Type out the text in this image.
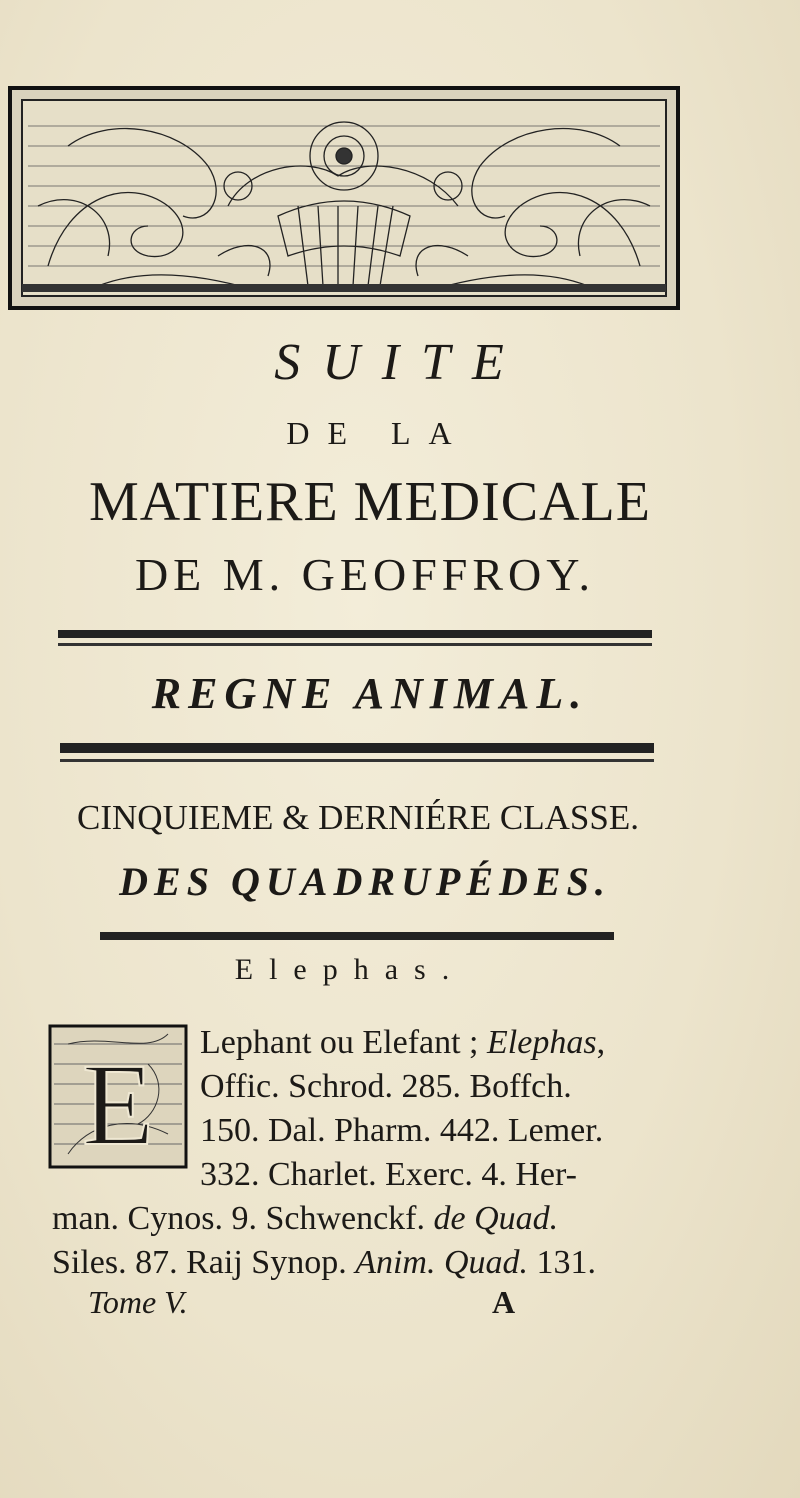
SUITE
DE LA
MATIERE MEDICALE
DE M. GEOFFROY.
REGNE ANIMAL.
CINQUIEME & DERNIÉRE CLASSE.
DES QUADRUPÉDES.
Elephas.
E Lephant ou Elefant ; Elephas,
Offic. Schrod. 285. Boffch.
150. Dal. Pharm. 442. Lemer.
332. Charlet. Exerc. 4. Her-
man. Cynos. 9. Schwenckf. de Quad.
Siles. 87. Raij Synop. Anim. Quad. 131.
Tome V.	A
